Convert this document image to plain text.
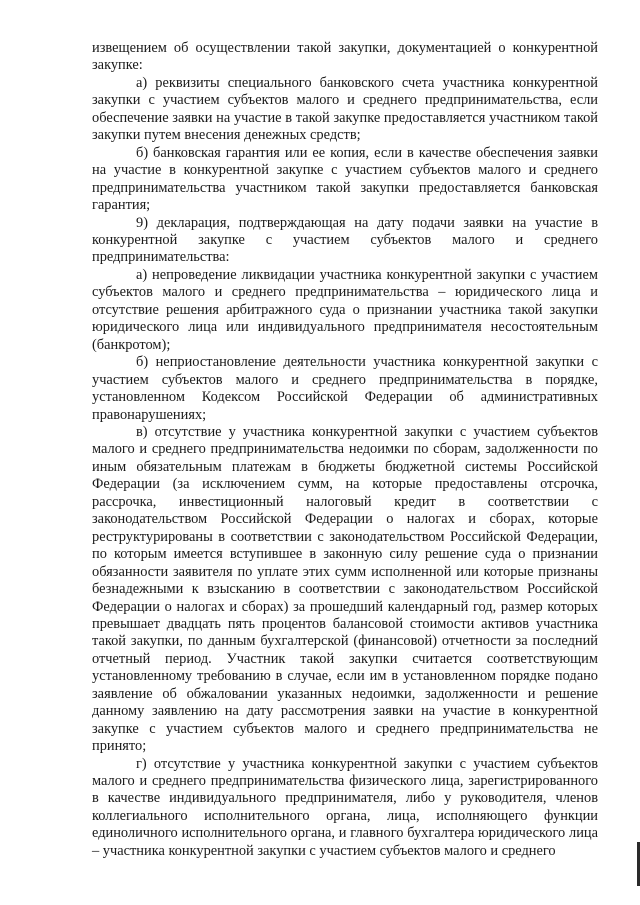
извещением об осуществлении такой закупки, документацией о конкурентной закупке:

а) реквизиты специального банковского счета участника конкурентной закупки с участием субъектов малого и среднего предпринимательства, если обеспечение заявки на участие в такой закупке предоставляется участником такой закупки путем внесения денежных средств;

б) банковская гарантия или ее копия, если в качестве обеспечения заявки на участие в конкурентной закупке с участием субъектов малого и среднего предпринимательства участником такой закупки предоставляется банковская гарантия;

9) декларация, подтверждающая на дату подачи заявки на участие в конкурентной закупке с участием субъектов малого и среднего предпринимательства:

а) непроведение ликвидации участника конкурентной закупки с участием субъектов малого и среднего предпринимательства – юридического лица и отсутствие решения арбитражного суда о признании участника такой закупки юридического лица или индивидуального предпринимателя несостоятельным (банкротом);

б) неприостановление деятельности участника конкурентной закупки с участием субъектов малого и среднего предпринимательства в порядке, установленном Кодексом Российской Федерации об административных правонарушениях;

в) отсутствие у участника конкурентной закупки с участием субъектов малого и среднего предпринимательства недоимки по сборам, задолженности по иным обязательным платежам в бюджеты бюджетной системы Российской Федерации (за исключением сумм, на которые предоставлены отсрочка, рассрочка, инвестиционный налоговый кредит в соответствии с законодательством Российской Федерации о налогах и сборах, которые реструктурированы в соответствии с законодательством Российской Федерации, по которым имеется вступившее в законную силу решение суда о признании обязанности заявителя по уплате этих сумм исполненной или которые признаны безнадежными к взысканию в соответствии с законодательством Российской Федерации о налогах и сборах) за прошедший календарный год, размер которых превышает двадцать пять процентов балансовой стоимости активов участника такой закупки, по данным бухгалтерской (финансовой) отчетности за последний отчетный период. Участник такой закупки считается соответствующим установленному требованию в случае, если им в установленном порядке подано заявление об обжаловании указанных недоимки, задолженности и решение данному заявлению на дату рассмотрения заявки на участие в конкурентной закупке с участием субъектов малого и среднего предпринимательства не принято;

г) отсутствие у участника конкурентной закупки с участием субъектов малого и среднего предпринимательства физического лица, зарегистрированного в качестве индивидуального предпринимателя, либо у руководителя, членов коллегиального исполнительного органа, лица, исполняющего функции единоличного исполнительного органа, и главного бухгалтера юридического лица – участника конкурентной закупки с участием субъектов малого и среднего
